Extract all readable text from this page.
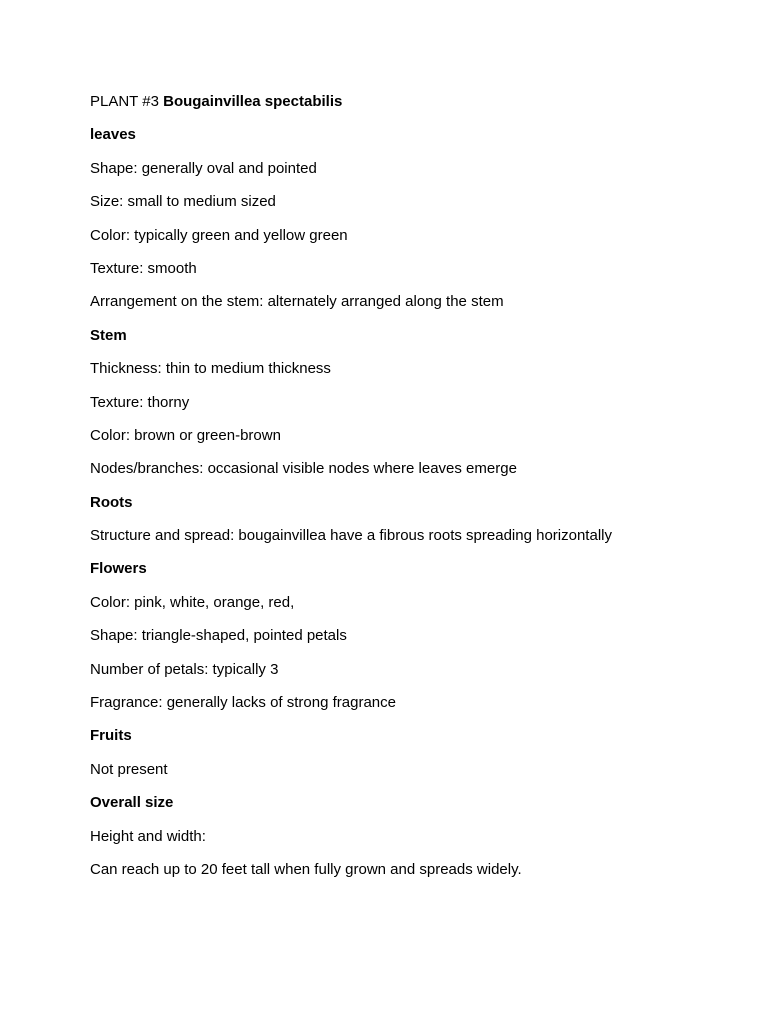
PLANT #3 Bougainvillea spectabilis
leaves
Shape: generally oval and pointed
Size: small to medium sized
Color: typically green and yellow green
Texture: smooth
Arrangement on the stem: alternately arranged along the stem
Stem
Thickness: thin to medium thickness
Texture: thorny
Color: brown or green-brown
Nodes/branches: occasional visible nodes where leaves emerge
Roots
Structure and spread: bougainvillea have a fibrous roots spreading horizontally
Flowers
Color: pink, white, orange, red,
Shape: triangle-shaped, pointed petals
Number of petals: typically 3
Fragrance: generally lacks of strong fragrance
Fruits
Not present
Overall size
Height and width:
Can reach up to 20 feet tall when fully grown and spreads widely.
